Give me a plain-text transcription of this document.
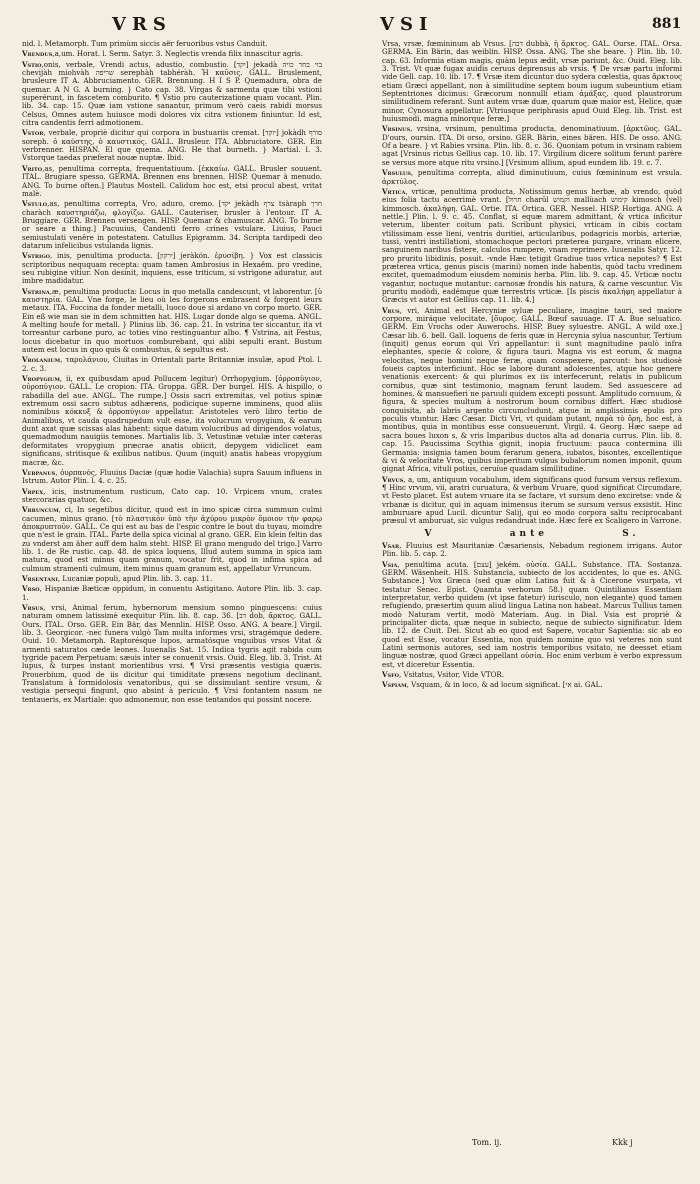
VRS	VSI	881

nid. l. Metamorph. Tum primùm siccis aër feruoribus vstus Canduit.

Vrendus,a,um. Horat. l. Serm. Satyr. 3. Neglectis vrenda filix innascitur agris.

Vstio,onis, verbale, Vrendi actus, adustio, combustio. [יקד] jekadà בוי בחר כויה chevijàh miohvàh שריפה serephàh tabhéràh. Ἡ καῦσις. GALL. Bruslement, brusleure IT A. Abbruciamento. GER. Brennung. H I S P. Quemadura, obra de quemar. A N G. A burning. } Cato cap. 38. Virgas & sarmenta quæ tibi vstioni superérunt, in fascetem comburito. ¶ Vstio pro cauterizatione quam vocant. Plin. lib. 34. cap. 15. Quæ iam vstione sanantur, primum verò caeis rabidi morsus Celsus, Omnes autem huiusce modi dolores vix citra vstionem finiuntur. Id est, citra candentis ferri admotionem.

Vstor, verbale, propriè dicitur qui corpora in bustuariis cremat. [יוקד] jokàdh סורף soreph. ὁ καύστης, ὁ καυστικός. GALL. Brusleur. ITA. Abbruciatore. GER. Ein verbrenner. HISPAN. El que quema. ANG. He that burneth. } Martial. l. 3. Vstorque taedas præferat nouæ nuptæ. Ibid.

Vrito,as, penultima correpta, frequentatiuum. [ἐκκαίω. GALL. Brusler souuent. ITAL. Brugiare spesso. GERMA. Brennen ens brennen. HISP. Quemar à menudo. ANG. To burne often.] Plautus Mostell. Calidum hoc est, etsi procul abest, vritat malè.

Vstulo,as, penultima correpta, Vro, aduro, cremo. [יקד jekàdh צרף tsàraph חרך charàch καυστηριάζω, φλογίζω. GALL. Cauteriser, brusler à l'entour. IT A. Bruggiare. GER. Brennen versengen. HISP. Quemar & chamuscar. ANG. To burne or seare a thing.] Pacuuius, Candenti ferro crines vstulare. Liuius, Pauci semiustulati venêre in potestatem. Catullus Epigramm. 34. Scripta tardipedi deo datarum infelicibus vstulanda lignis.

Vstrigo, inis, penultima producta. [ירקון] jeràkón. ἐρυσίβη. } Vox est classicis scriptoribus neququam recepta: quam tamen Ambrosius in Hexaëm. pro vredine, seu rubigine vitiur. Non desinit, inquiens, esse triticum, si vstrigone aduratur, aut imbre madidatur.

Vstrina,æ, penultima producta: Locus in quo metalla candescunt, vt laborentur. [ὑ καυστηρία. GAL. Vne forge, le lieu où les forgerons embrasent & forgent leurs metaux. ITA. Foccina da fonder metalli, luoco doue si ardano vn corpo morto. GER. Ein eß wie man sie in dem schmitten hat. HIS. Lugar donde algo se quema. ANGL. A melting houfe for metall. } Plinius lib. 36. cap. 21. In vstrina ter siccantur, ita vt torreantur carbone puro, ac toties vino restinguantur albo. ¶ Vstrina, ait Festus, locus dicebatur in quo mortuos comburebant, qui alibi sepulti erant. Bustum autem est locus in quo quis & combustus, & sepultus est.

Vrolanium, ταρολάνιον, Ciuitas in Orientali parte Britanniæ insulæ, apud Ptol. l. 2. c. 3.

Vropygium, ii, ex quibusdam apud Pollucem legitur) Orrhopygium. [ὀρροπύγιον, οὐροπύγιον. GALL. Le cropion. ITA. Groppa. GER. Der burgel. HIS. A hispillo, o rabadilla del aue. ANGL. The rumpe.] Ossis sacri extremitas, vel potius spinæ extremum ossi sacro subtus adhærens, podicique superne imminens, quod aliis nominibus κόκκυξ & ὀρροπύγιον appellatur. Aristoteles verò libro tertio de Animalibus, vt cauda quadrupedum vult esse, ita volucrum vropygium, & earum dunt axat quæ scissas alas habent: sique datum volucribus ad dirigendos volatus, quemadmodum nauigiis temones. Martialis lib. 3. Vetustinæ vetulæ inter cæteras deformitates vropygium præcrae anatis obiicit, depygem vidiclicet eam significans, stritisque & exilibus natibus. Quum (inquit) anatis habeas vropygium macræ, &c.

Verpanus, ὁυρπανὸς, Fluuius Daciæ (quæ hodie Valachia) supra Sauum influens in Istrum. Autor Plin. l. 4. c. 25.

Vrpex, icis, instrumentum rusticum, Cato cap. 10. Vrpicem vnum, crates stercorarias quatuor, &c.

Vrruncum, ci, In segetibus dicitur, quod est in imo spicæ circa summum culmi cacumen, minus grano. [τὸ πλαστικὸν ὑπὸ τὴν ἀχύρου μικρὸν ὅμοιον τὴν φαρῳ ἀποκρυπτοῦν. GALL. Ce qui est au bas de l'espic contre le bout du tuyau, moindre que n'est le grain. ITAL. Parte della spica vicinal al grano. GER. Ein klein feltin das zu vnderst am äher auff dem halm steht. HISP. El grano mengudo del trigo.] Varro lib. 1. de Re rustic. cap. 48. de spica loquens, Illud autem summa in spica iam matura, quod est minus quam granum, vocatur frit, quod in infima spica ad culmum stramenti culmum, item minus quam granum est, appellatur Vrruncum.

Vrsentani, Lucaniæ populi, apud Plin. lib. 3. cap. 11.

Vrso, Hispaniæ Bæticæ oppidum, in conuentu Astigitano. Autore Plin. lib. 3. cap. 1.

Vrsus, vrsi, Animal ferum, hybernorum mensium somno pinguescens: cuius naturam omnem latissimè exequitur Plin. lib. 8. cap. 36. [דב dob, ἄρκτος. GALL. Ours. ITAL. Orso. GER. Ein Bär, das Mennlin. HISP. Osso. ANG. A beare.] Virgil. lib. 3. Georgicor. -nec funera vulgò Tam multa informes vrsi, stragémque dedere. Ouid. 10. Metamorph. Raptorésque lupos, armatósque vnguibus vrsos Vitat & armenti saturatos cæde leones. Iuuenalis Sat. 15. Indica tygris agit rabida cum tygride pacem Perpetuam: sæuis inter se conuenit vrsis. Ouid. Eleg. lib. 3. Trist. At lupus, & turpes instant morientibus vrsi. ¶ Vrsi præsentis vestigia quæris. Prouerbium, quod de iis dicitur qui timiditate præsens negotium declinant. Translatum à formidolosis venatoribus, qui se dissimulant sentire vrsum, & vestigia persequi fingunt, quo absint à periculo. ¶ Vrsi fontantem nasum ne tentaueris, ex Martiale: quo admonemur, non esse tentandos qui possint nocere.

Vrsa, vrsæ, fœmininum ab Vrsus. [דבה dubbà, ἡ ἄρκτος. GAL. Ourse. ITAL. Orsa. GERMA. Ein Bärin, das weiblin. HISP. Ossa. ANG. The she beare. } Plin. lib. 10. cap. 63. Informia etiam magis, quàm lepus ædit, vrsæ pariunt, &c. Ouid. Eleg. lib. 3. Trist. Vt quæ fugax auidis ceruus deprensus ab vrsis. ¶ De vrsæ partu informi vide Gell. cap. 10. lib. 17. ¶ Vrsæ item dicuntur duo sydera cœlestia, quas ἄρκτους etiam Græci appellant, non à similitudine septem boum iugum subeuntium etiam Septentriones dicimus: Græcorum nonnulli etiam ἀμάξας, quod plaustrorum similitudinem referant. Sunt autem vrsæ duæ, quarum quæ maior est, Helice, quæ minor, Cynosura appellatur. [Vtriusque periphrasis apud Ouid Eleg. lib. Trist. est huiusmodi, magna minorque feræ.]

Vrsinus, vrsina, vrsinum, penultima producta, denominatiuum. [ἀρκτῶος. GAL. D'ours, oursin. ITA. Di orso, orsino. GER. Bärin, eines bären. HIS. De osso. ANG. Of a beare. } vt Rabies vrsina. Plin. lib. 8. c. 36. Quoniam potum in vrsinam rabiem agat [Vrsinus rictus Gellius cap. 10. lib. 17. Virgilium dicere solitum ferunt parère se versus more atque ritu vrsino.] [Vrsinum allium, apud eundem lib. 19. c. 7.

Vrsulus, penultima correpta, aliud diminutiuum, cuius fœmininum est vrsula. ἀρκτύλος.

Vrtica, vrticæ, penultima producta, Notissimum genus herbæ, ab vrendo, quòd eius folia tactu acerrimè vrant. [חרול charûl וקמוש mallùach קימוש kimosch (vel) kimmosch. ἀκαλήφη. GAL. Ortie. ITA. Ortica. GER. Nessel. HISP. Hortiga. ANG. A nettle.] Plin. l. 9. c. 45. Conflat, si equæ marem admittant, & vrtica inficitur veterum, libenter coitum pati. Scribunt physici, vrticam in cibis coctam vtilissimam esse lieni, ventris duritiei, articularibus, podagricis morbis, arteriæ, tussi, ventri instillationi, stomachoque pectori præterea purgare, vrinam elicere, sanguinem naribus fistere, calculos rumpere, vnam reprimere. Iuuenalis Satyr. 12. pro pruritu libidinis, posuit. -vnde Hæc tetigit Gradiue tuos vrtica nepotes? ¶ Est præterea vrtica, genus piscis (marini) nomen inde habentis, quòd tactu vredinem excitet, quemadmodum eiusdem nominis herba. Plin. lib. 9. cap. 45. Vrticæ noctu vagantur, noctuque mutantur: carnosæ frondis his natura, & carne vescuntur. Vis pruritu modòdi, eadémque quæ terrestris vrticæ. [Is piscis ἀκαλήφη appellatur à Græcis vt autor est Gellius cap. 11. lib. 4.]

Vrus, vri, Animal est Hercyniæ syluæ peculiare, imagine tauri, sed maiore corpore, miráque velocitate. [ὄυρος. GALL. Bœuf sauuage. IT A. Bue seluatico. GERM. Ein Vrochs oder Auwerochs. HISP. Buey syluestre. ANGL. A wild oxe.] Cæsar lib. 6. bell. Gall. loquens de feris quæ in Hercynia sylua nascuntur, Tertium (inquit) genus eorum qui Vri appellantur: ii sunt magnitudine paulò infra elephantes, specie & colore, & figura tauri. Magna vis est eorum, & magna velocitas, neque homini neque feræ, quam conspexere, parcunt: hos studiosè foueis captos interficiunt. Hoc se labore durant adolescentes, atque hoc genere venationis exercent: & qui plurimos ex iis interfecerunt, relatis in publicum cornibus, quæ sint testimonio, magnam ferunt laudem. Sed assuescere ad homines, & mansuefieri ne paruuli quidem excepti possunt. Amplitudo cornuum, & figura, & species multum à nostrorum boum cornibus differt. Hæc studiosè conquisita, ab labris argento circumcludunt, atque in amplissimis epulis pro poculis vtuntur. Hæc Cæsar. Dicti Vri, vt quidam putant, παρὰ τὸ ὄρη, hoc est, à montibus, quia in montibus esse consueuerunt. Virgil. 4. Georg. Hæc saepe ad sacra boues luxon s, & vris Imparibus ductos alta ad donaria currus. Plin. lib. 8. cap. 15. Paucissima Scythia gignit, inopia fructuum: pauca contermina illi Germania: insignia tamen boum ferarum genera, iubatos, bisontes, excellentique & vi & velocitate Vros, quibus imperitum vulgus bubalorum nomen imponit, quum gignat Africa, vituli potius, ceruíue quadam similitudine.

Vrvus, a, um, antiquum vocabulum, idem significans quod fursum versus reflexum. ¶ Hinc vrvum, vii, aratri curuatura, & verbum Vruare, quod significat Circumdare, vt Festo placet. Est autem vruare ita se factare, vt sursum deno exciretse: vnde & vrbanæ is dicitur, qui in aquam inimensus iterum se sursum versus exsistit. Hinc amburuare apud Lucil. dicuntur Salij, qui eo modo corpora saltu reciprocabant præsul vt amburuat, sic vulgus redandruat inde. Hæc ferè ex Scaligero in Varrone.

V	ante	S.

Vsar, Fluuius est Mauritaniæ Cæsariensis, Nebadum regionem irrigans. Autor Plin. lib. 5. cap. 2.

Vsia, penultima acuta. [עצם] jekém. οὐσία. GALL. Substance. ITA. Sostanza. GERM. Wäsenheit. HIS. Substancia, subiecto de los accidentes, lo que es. ANG. Substance.] Vox Græca (sed quæ olim Latina fuit & à Cicerone vsurpata, vt testatur Senec. Epist. Quamta verborum 58.) quam Quintilianus Essentiam interpretatur, verbo quidem (vt ipse fatetur) iurisculo, non elegante) quod tamen refugiendo, præsertim quum aliud lingua Latina non habeat. Marcus Tullius tamen modò Naturam vertit, modò Materiam. Aug. in Dial. Vsia est propriè & principaliter dicta, quæ neque in subiecto, neque de subiecto significatur. Idem lib. 12. de Ciuit. Dei. Sicut ab eo quod est Sapere, vocatur Sapientia: sic ab eo quod est Esse, vocatur Essentia, non quidem nomine quo vsi veteres non sunt Latini sermonis autores, sed iam nostris temporibus vsitato, ne deesset etiam linguæ nostræ, quod Græci appellant οὐσία. Hoc enim verbum è verbo expressum est, vt diceretur Essentia.

Vsfo, Vsitatus, Vsitor, Vide VTOR.

Vspiam, Vsquam, & in loco, & ad locum significat. [אי ai. GAL.

Tom. ij.	Kkk j
